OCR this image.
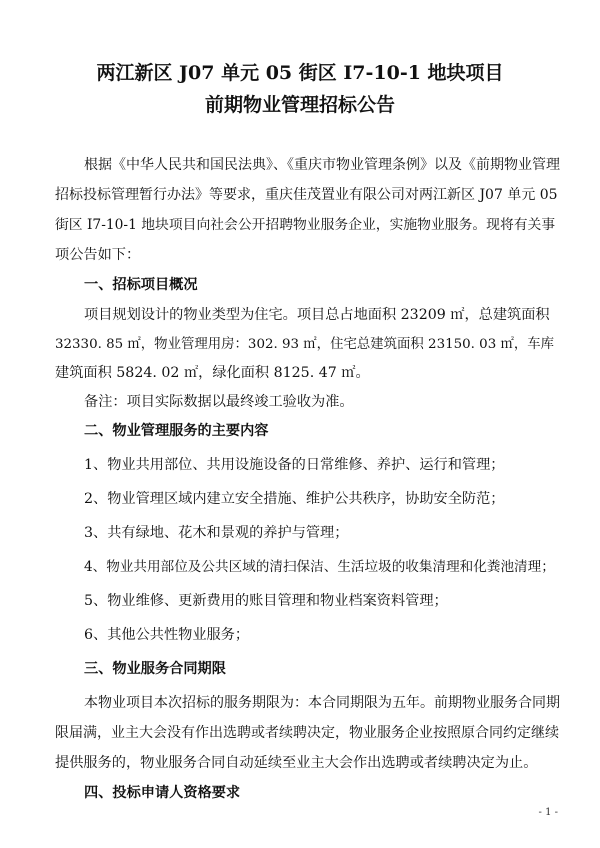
两江新区 J07 单元 05 街区 I7-10-1 地块项目
前期物业管理招标公告
根据《中华人民共和国民法典》、《重庆市物业管理条例》以及《前期物业管理
招标投标管理暂行办法》等要求，重庆佳茂置业有限公司对两江新区 J07 单元 05
街区 I7-10-1 地块项目向社会公开招聘物业服务企业，实施物业服务。现将有关事
项公告如下：
一、招标项目概况
项目规划设计的物业类型为住宅。项目总占地面积 23209 ㎡，总建筑面积
32330. 85 ㎡，物业管理用房：302. 93 ㎡，住宅总建筑面积 23150. 03 ㎡，车库
建筑面积 5824. 02 ㎡，绿化面积 8125. 47 ㎡。
备注：项目实际数据以最终竣工验收为准。
二、物业管理服务的主要内容
1、物业共用部位、共用设施设备的日常维修、养护、运行和管理；
2、物业管理区域内建立安全措施、维护公共秩序，协助安全防范；
3、共有绿地、花木和景观的养护与管理；
4、物业共用部位及公共区域的清扫保洁、生活垃圾的收集清理和化粪池清理；
5、物业维修、更新费用的账目管理和物业档案资料管理；
6、其他公共性物业服务；
三、物业服务合同期限
本物业项目本次招标的服务期限为：本合同期限为五年。前期物业服务合同期
限届满，业主大会没有作出选聘或者续聘决定，物业服务企业按照原合同约定继续
提供服务的，物业服务合同自动延续至业主大会作出选聘或者续聘决定为止。
四、投标申请人资格要求
- 1 -
